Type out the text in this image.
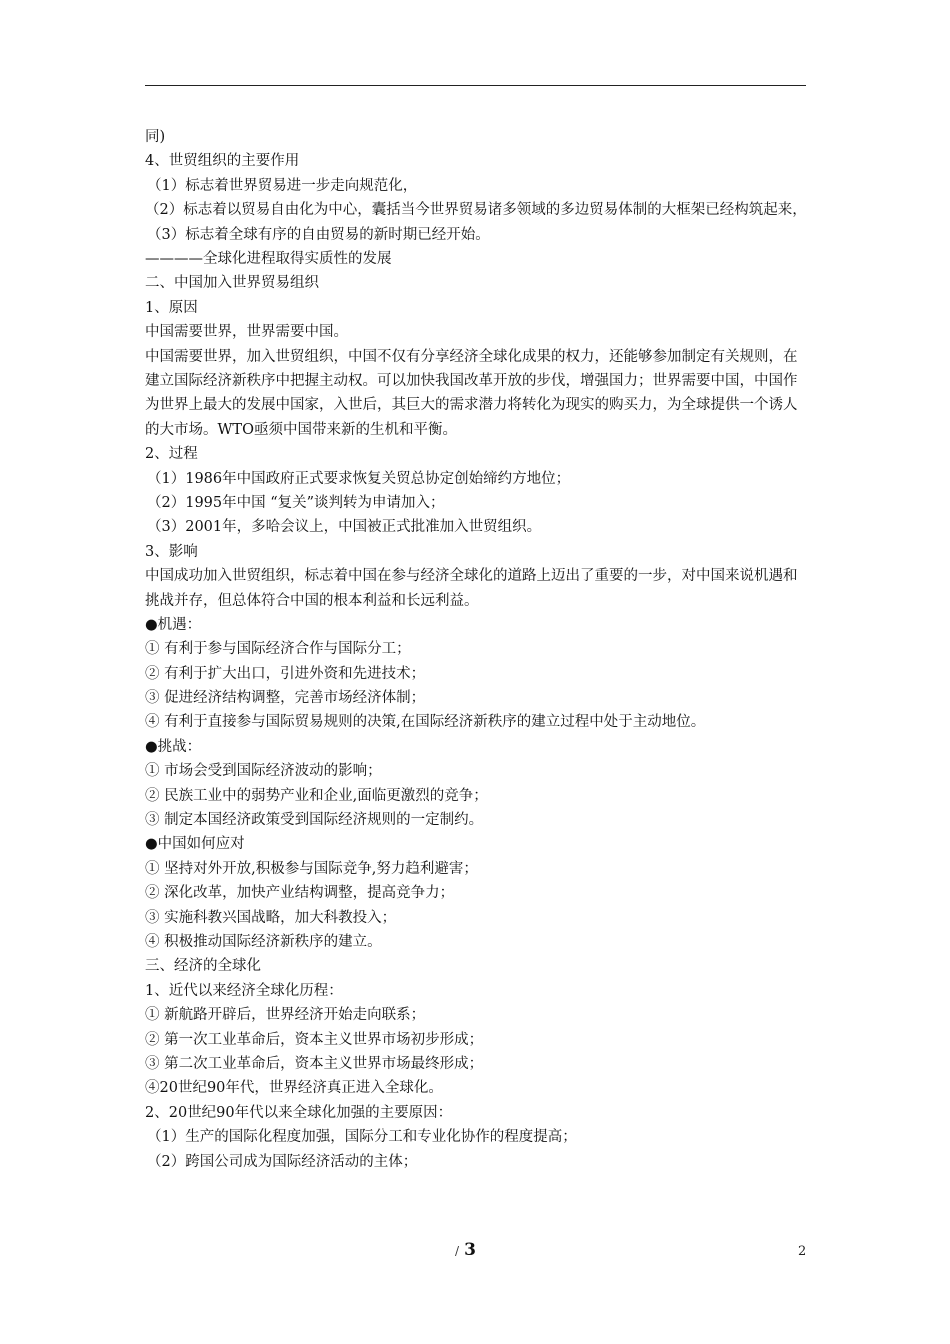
同)
4、世贸组织的主要作用
（1）标志着世界贸易进一步走向规范化，
（2）标志着以贸易自由化为中心，囊括当今世界贸易诸多领域的多边贸易体制的大框架已经构筑起来，
（3）标志着全球有序的自由贸易的新时期已经开始。
————全球化进程取得实质性的发展
二、中国加入世界贸易组织
1、原因
中国需要世界，世界需要中国。
中国需要世界，加入世贸组织，中国不仅有分享经济全球化成果的权力，还能够参加制定有关规则，在建立国际经济新秩序中把握主动权。可以加快我国改革开放的步伐，增强国力；世界需要中国，中国作为世界上最大的发展中国家，入世后，其巨大的需求潜力将转化为现实的购买力，为全球提供一个诱人的大市场。WTO亟须中国带来新的生机和平衡。
2、过程
（1）1986年中国政府正式要求恢复关贸总协定创始缔约方地位；
（2）1995年中国 “复关”谈判转为申请加入；
（3）2001年，多哈会议上，中国被正式批准加入世贸组织。
3、影响
中国成功加入世贸组织，标志着中国在参与经济全球化的道路上迈出了重要的一步，对中国来说机遇和挑战并存，但总体符合中国的根本利益和长远利益。
●机遇：
① 有利于参与国际经济合作与国际分工；
② 有利于扩大出口，引进外资和先进技术；
③ 促进经济结构调整，完善市场经济体制；
④ 有利于直接参与国际贸易规则的决策,在国际经济新秩序的建立过程中处于主动地位。
●挑战：
① 市场会受到国际经济波动的影响；
② 民族工业中的弱势产业和企业,面临更激烈的竞争；
③ 制定本国经济政策受到国际经济规则的一定制约。
●中国如何应对
① 坚持对外开放,积极参与国际竞争,努力趋利避害；
② 深化改革，加快产业结构调整，提高竞争力；
③ 实施科教兴国战略，加大科教投入；
④ 积极推动国际经济新秩序的建立。
三、经济的全球化
1、近代以来经济全球化历程：
① 新航路开辟后，世界经济开始走向联系；
② 第一次工业革命后，资本主义世界市场初步形成；
③ 第二次工业革命后，资本主义世界市场最终形成；
④20世纪90年代，世界经济真正进入全球化。
2、20世纪90年代以来全球化加强的主要原因：
（1）生产的国际化程度加强，国际分工和专业化协作的程度提高；
（2）跨国公司成为国际经济活动的主体；
/ 3	2
